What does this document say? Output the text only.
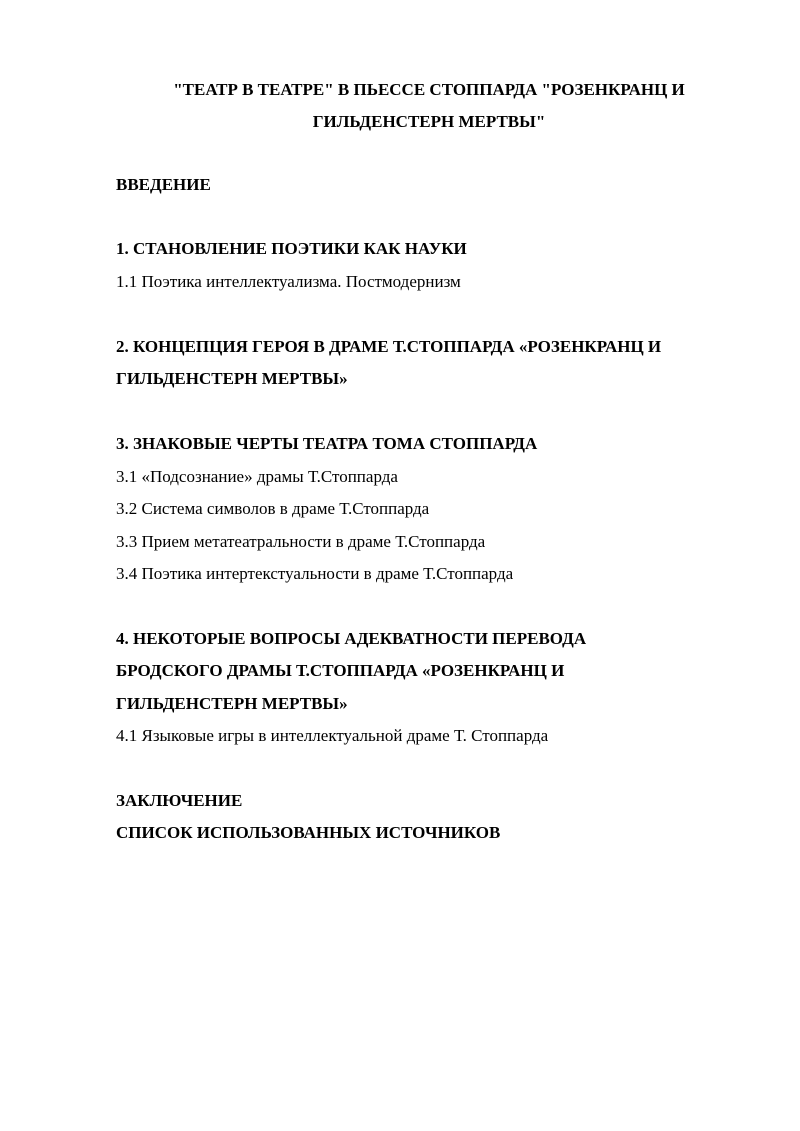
"ТЕАТР В ТЕАТРЕ" В ПЬЕССЕ СТОППАРДА "РОЗЕНКРАНЦ И
ГИЛЬДЕНСТЕРН МЕРТВЫ"

ВВЕДЕНИЕ

1. СТАНОВЛЕНИЕ ПОЭТИКИ КАК НАУКИ

1.1 Поэтика интеллектуализма. Постмодернизм

2. КОНЦЕПЦИЯ ГЕРОЯ В ДРАМЕ Т.СТОППАРДА «РОЗЕНКРАНЦ И

ГИЛЬДЕНСТЕРН МЕРТВЫ»

3. ЗНАКОВЫЕ ЧЕРТЫ ТЕАТРА ТОМА СТОППАРДА

3.1 «Подсознание» драмы Т.Стоппарда

3.2 Система символов в драме Т.Стоппарда

3.3 Прием метатеатральности в драме Т.Стоппарда

3.4 Поэтика интертекстуальности в драме Т.Стоппарда

4. НЕКОТОРЫЕ ВОПРОСЫ АДЕКВАТНОСТИ ПЕРЕВОДА

БРОДСКОГО ДРАМЫ Т.СТОППАРДА «РОЗЕНКРАНЦ И

ГИЛЬДЕНСТЕРН МЕРТВЫ»

4.1 Языковые игры в интеллектуальной драме Т. Стоппарда

ЗАКЛЮЧЕНИЕ

СПИСОК ИСПОЛЬЗОВАННЫХ ИСТОЧНИКОВ
